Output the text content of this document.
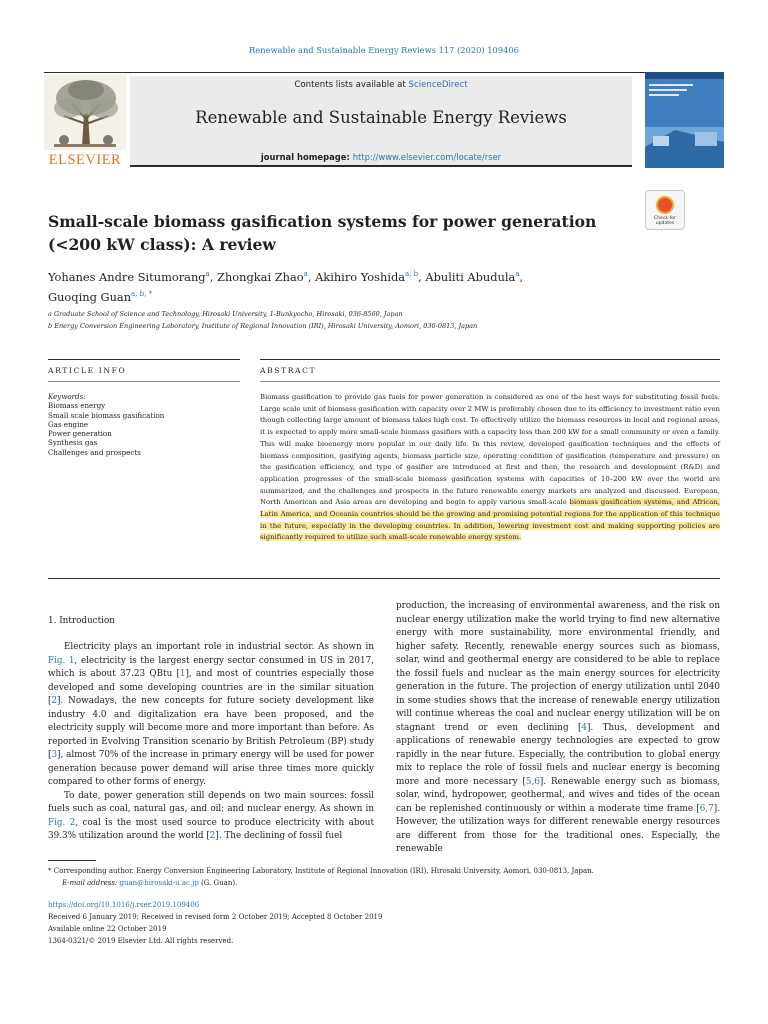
Renewable and Sustainable Energy Reviews 117 (2020) 109406
Contents lists available at ScienceDirect
Renewable and Sustainable Energy Reviews
journal homepage: http://www.elsevier.com/locate/rser
ELSEVIER
Check for updates
Small-scale biomass gasification systems for power generation (<200 kW class): A review
Yohanes Andre Situmorang$^a$, Zhongkai Zhao$^a$, Akihiro Yoshida$^{a, b}$, Abuliti Abudula$^a$,
Guoqing Guan$^{a, b, *}$
a Graduate School of Science and Technology, Hirosaki University, 1-Bunkyocho, Hirosaki, 036-8560, Japan
b Energy Conversion Engineering Laboratory, Institute of Regional Innovation (IRI), Hirosaki University, Aomori, 030-0813, Japan
ARTICLE INFO	ABSTRACT
Keywords:
Biomass energy
Small scale biomass gasification
Gas engine
Power generation
Synthesis gas
Challenges and prospects
Biomass gasification to provide gas fuels for power generation is considered as one of the best ways for substituting fossil fuels. Large scale unit of biomass gasification with capacity over 2 MW is preferably chosen due to its efficiency to investment ratio even though collecting large amount of biomass takes high cost. To effectively utilize the biomass resources in local and regional areas, it is expected to apply more small-scale biomass gasifiers with a capacity less than 200 kW for a small community or even a family. This will make bioenergy more popular in our daily life. In this review, developed gasification techniques and the effects of biomass composition, gasifying agents, biomass particle size, operating condition of gasification (temperature and pressure) on the gasification efficiency, and type of gasifier are introduced at first and then, the research and development (R&D) and application progresses of the small-scale biomass gasification systems with capacities of 10–200 kW over the world are summarized, and the challenges and prospects in the future renewable energy markets are analyzed and discussed. European, North American and Asia areas are developing and begin to apply various small-scale biomass gasification systems, and African, Latin America, and Oceania countries should be the growing and promising potential regions for the application of this technique in the future, especially in the developing countries. In addition, lowering investment cost and making supporting policies are significantly required to utilize such small-scale renewable energy system.
1. Introduction

Electricity plays an important role in industrial sector. As shown in Fig. 1, electricity is the largest energy sector consumed in US in 2017, which is about 37.23 QBtu [1], and most of countries especially those developed and some developing countries are in the similar situation [2]. Nowadays, the new concepts for future society development like industry 4.0 and digitalization era have been proposed, and the electricity supply will become more and more important than before. As reported in Evolving Transition scenario by British Petroleum (BP) study [3], almost 70% of the increase in primary energy will be used for power generation because power demand will arise three times more quickly compared to other forms of energy.

To date, power generation still depends on two main sources: fossil fuels such as coal, natural gas, and oil; and nuclear energy. As shown in Fig. 2, coal is the most used source to produce electricity with about 39.3% utilization around the world [2]. The declining of fossil fuel

production, the increasing of environmental awareness, and the risk on nuclear energy utilization make the world trying to find new alternative energy with more sustainability, more environmental friendly, and higher safety. Recently, renewable energy sources such as biomass, solar, wind and geothermal energy are considered to be able to replace the fossil fuels and nuclear as the main energy sources for electricity generation in the future. The projection of energy utilization until 2040 in some studies shows that the increase of renewable energy utilization will continue whereas the coal and nuclear energy utilization will be on stagnant trend or even declining [4]. Thus, development and applications of renewable energy technologies are expected to grow rapidly in the near future. Especially, the contribution to global energy mix to replace the role of fossil fuels and nuclear energy is becoming more and more necessary [5,6]. Renewable energy such as biomass, solar, wind, hydropower, geothermal, and wives and tides of the ocean can be replenished continuously or within a moderate time frame [6,7]. However, the utilization ways for different renewable energy resources are different from those for the traditional ones. Especially, the renewable

* Corresponding author. Energy Conversion Engineering Laboratory, Institute of Regional Innovation (IRI), Hirosaki University, Aomori, 030-0813, Japan.
E-mail address: guan@hirosaki-u.ac.jp (G. Guan).
https://doi.org/10.1016/j.rser.2019.109406
Received 6 January 2019; Received in revised form 2 October 2019; Accepted 8 October 2019
Available online 22 October 2019
1364-0321/© 2019 Elsevier Ltd. All rights reserved.
